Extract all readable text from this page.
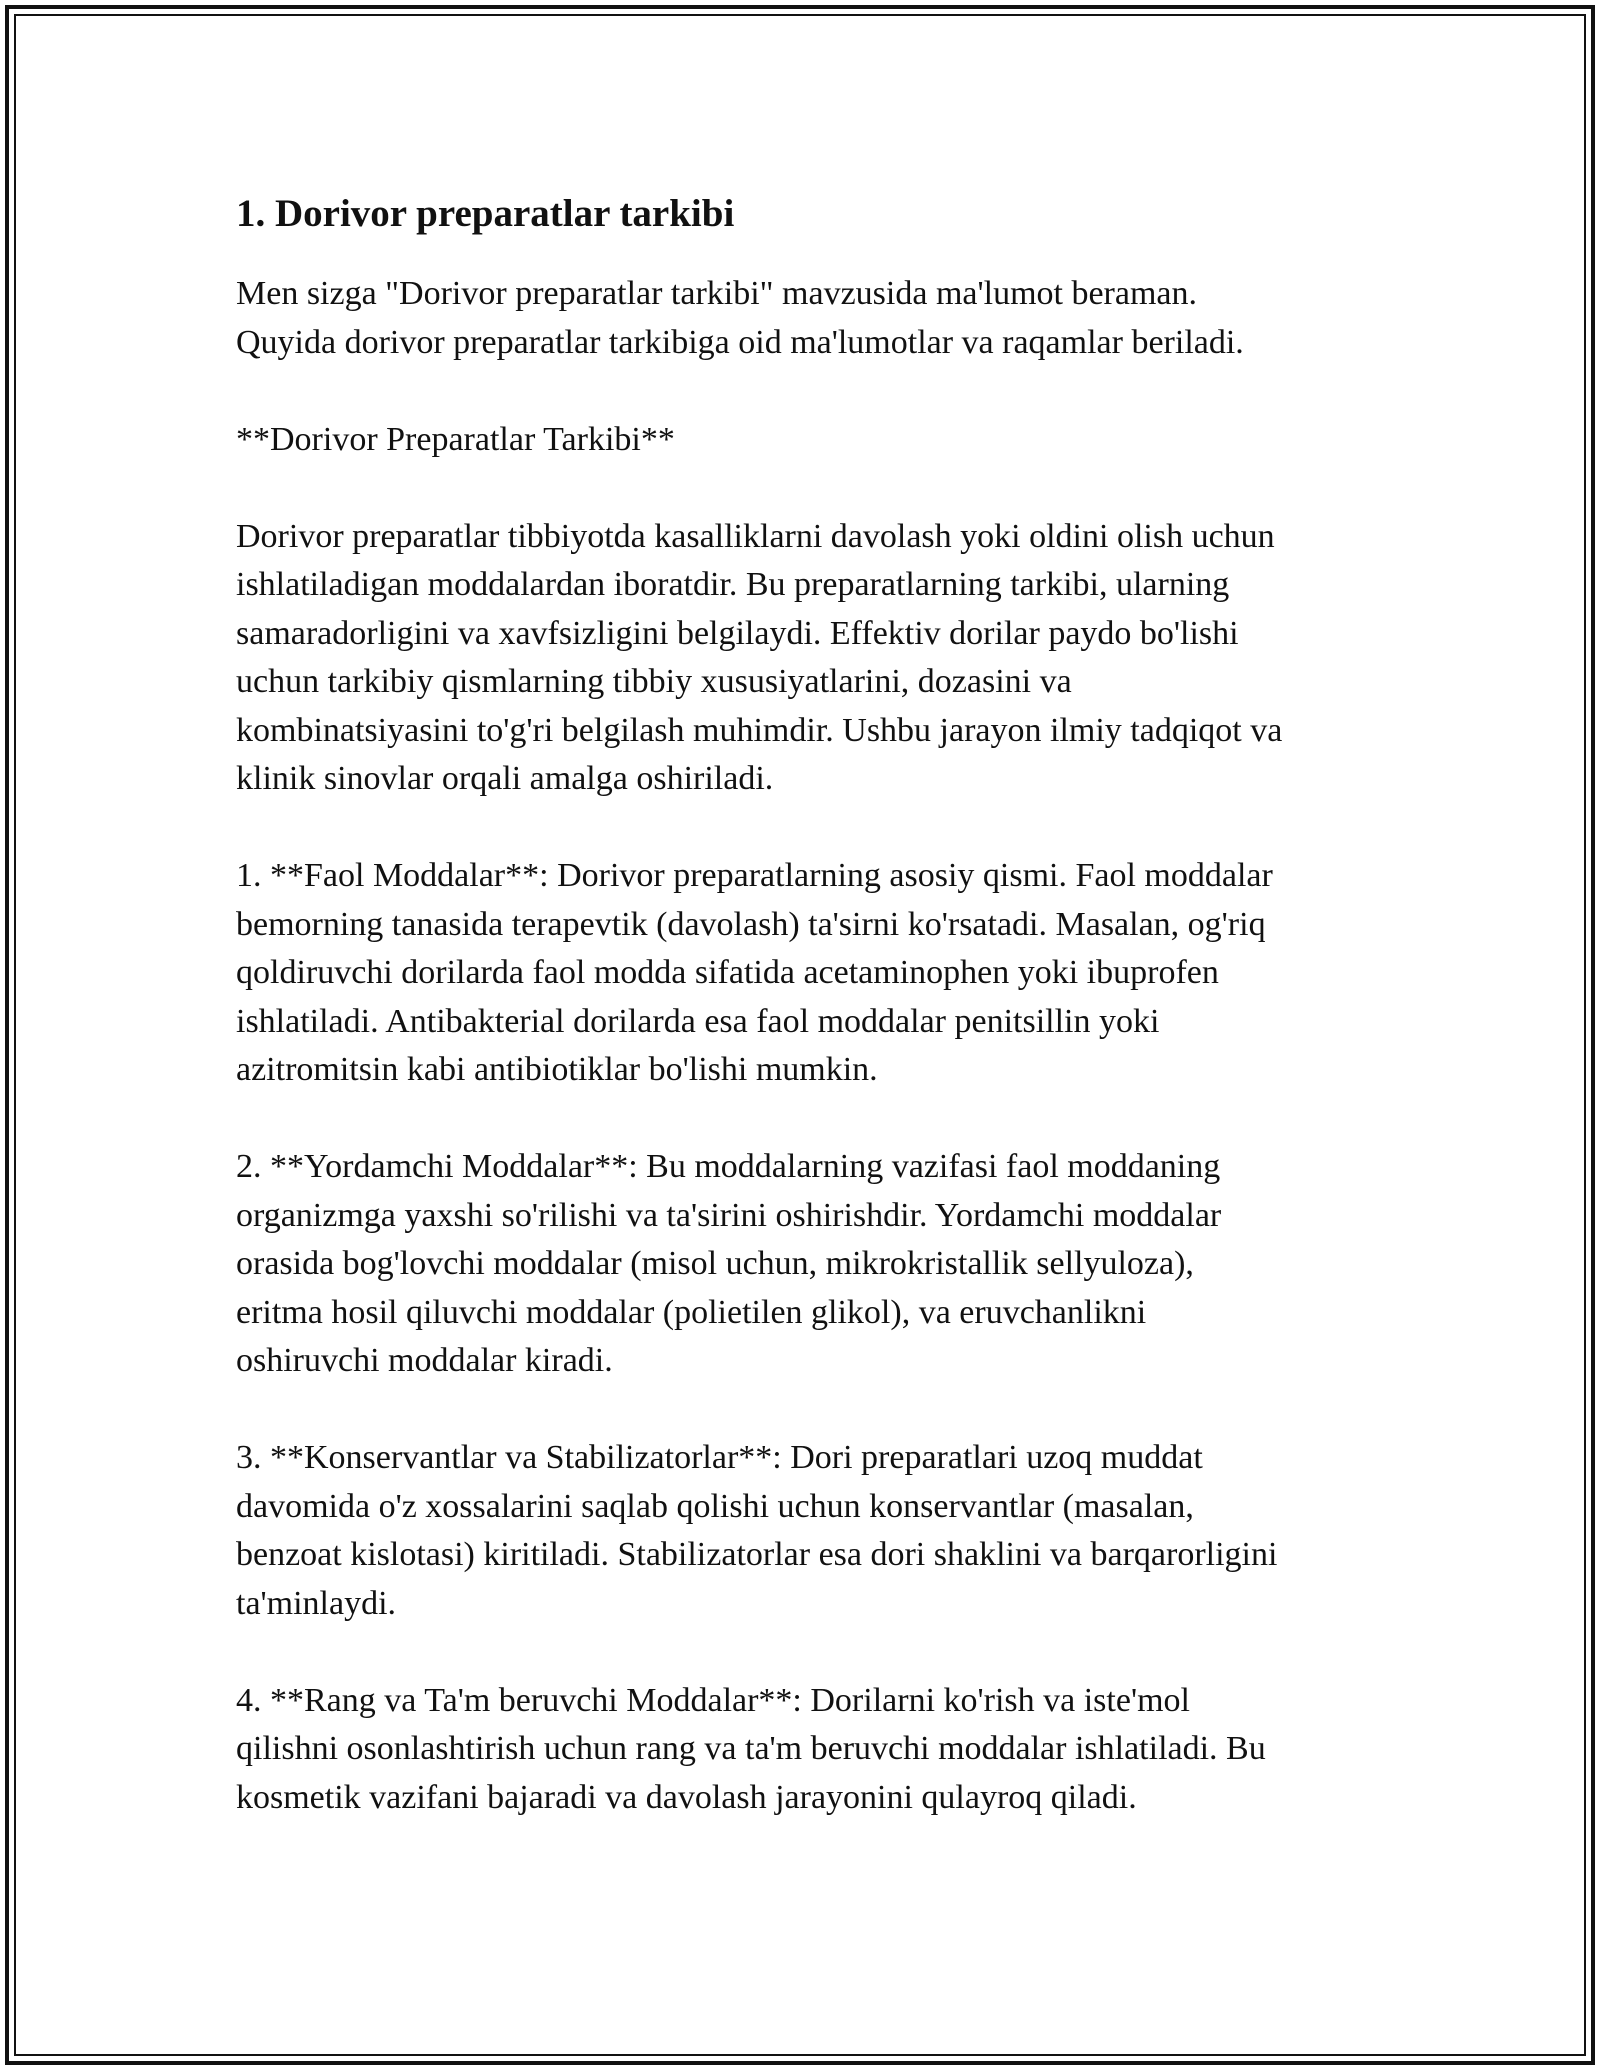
1. Dorivor preparatlar tarkibi

Men sizga "Dorivor preparatlar tarkibi" mavzusida ma'lumot beraman.
Quyida dorivor preparatlar tarkibiga oid ma'lumotlar va raqamlar beriladi.

**Dorivor Preparatlar Tarkibi**

Dorivor preparatlar tibbiyotda kasalliklarni davolash yoki oldini olish uchun
ishlatiladigan moddalardan iboratdir. Bu preparatlarning tarkibi, ularning
samaradorligini va xavfsizligini belgilaydi. Effektiv dorilar paydo bo'lishi
uchun tarkibiy qismlarning tibbiy xususiyatlarini, dozasini va
kombinatsiyasini to'g'ri belgilash muhimdir. Ushbu jarayon ilmiy tadqiqot va
klinik sinovlar orqali amalga oshiriladi.

1. **Faol Moddalar**: Dorivor preparatlarning asosiy qismi. Faol moddalar
bemorning tanasida terapevtik (davolash) ta'sirni ko'rsatadi. Masalan, og'riq
qoldiruvchi dorilarda faol modda sifatida acetaminophen yoki ibuprofen
ishlatiladi. Antibakterial dorilarda esa faol moddalar penitsillin yoki
azitromitsin kabi antibiotiklar bo'lishi mumkin.

2. **Yordamchi Moddalar**: Bu moddalarning vazifasi faol moddaning
organizmga yaxshi so'rilishi va ta'sirini oshirishdir. Yordamchi moddalar
orasida bog'lovchi moddalar (misol uchun, mikrokristallik sellyuloza),
eritma hosil qiluvchi moddalar (polietilen glikol), va eruvchanlikni
oshiruvchi moddalar kiradi.

3. **Konservantlar va Stabilizatorlar**: Dori preparatlari uzoq muddat
davomida o'z xossalarini saqlab qolishi uchun konservantlar (masalan,
benzoat kislotasi) kiritiladi. Stabilizatorlar esa dori shaklini va barqarorligini
ta'minlaydi.

4. **Rang va Ta'm beruvchi Moddalar**: Dorilarni ko'rish va iste'mol
qilishni osonlashtirish uchun rang va ta'm beruvchi moddalar ishlatiladi. Bu
kosmetik vazifani bajaradi va davolash jarayonini qulayroq qiladi.
